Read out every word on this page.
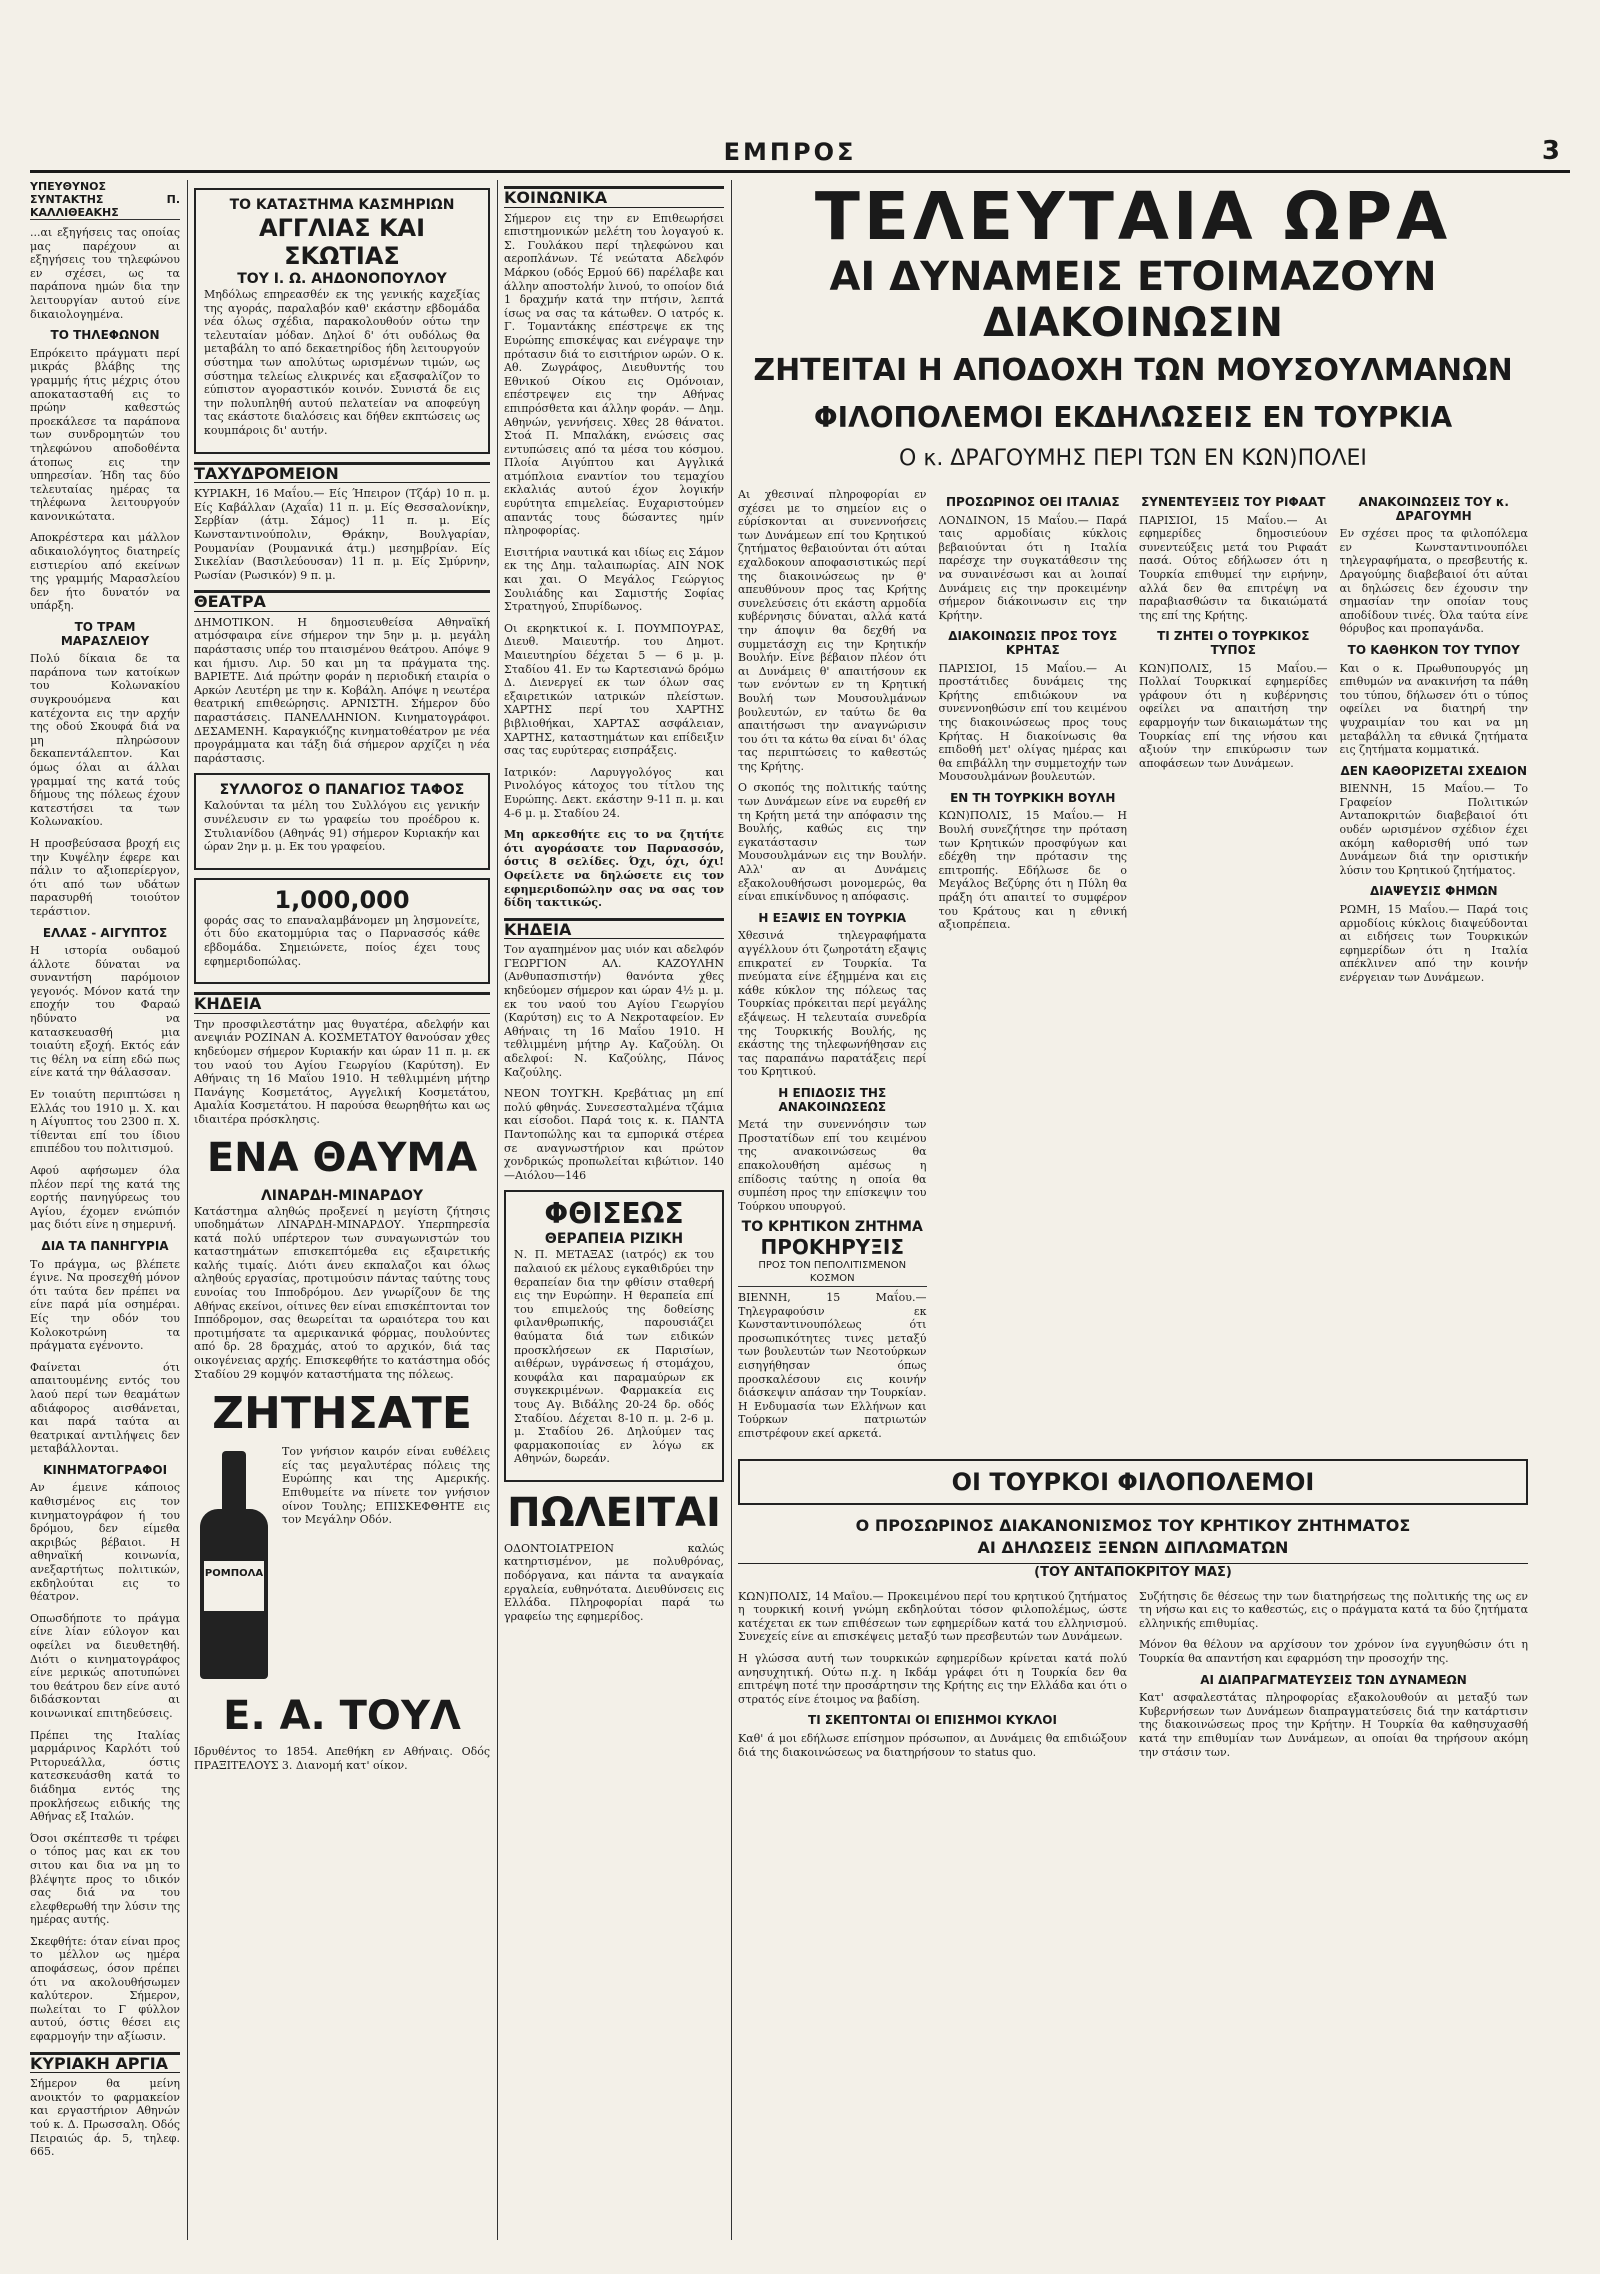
ΕΜΠΡΟΣ	3
ΥΠΕΥΘΥΝΟΣ
ΣΥΝΤΑΚΤΗΣ Π. ΚΑΛΛΙΘΕΑΚΗΣ

...αι εξηγήσεις τας οποίας μας παρέχουν αι εξηγήσεις του τηλεφώνου εν σχέσει, ως τα παράπονα ημών δια την λειτουργίαν αυτού είνε δικαιολογημένα.

ΤΟ ΤΗΛΕΦΩΝΟΝ

Επρόκειτο πράγματι περί μικράς βλάβης της γραμμής ήτις μέχρις ότου αποκατασταθή εις το πρώην καθεστώς προεκάλεσε τα παράπονα των συνδρομητών του τηλεφώνου αποδοθέντα άτοπως εις την υπηρεσίαν. Ήδη τας δύο τελευταίας ημέρας τα τηλέφωνα λειτουργούν κανονικώτατα.

Αποκρέστερα και μάλλον αδικαιολόγητος διατηρείς ειστιερίου από εκείνων της γραμμής Μαρασλείου δεν ήτο δυνατόν να υπάρξη.

ΤΟ ΤΡΑΜ ΜΑΡΑΣΛΕΙΟΥ

Πολύ δίκαια δε τα παράπονα των κατοίκων του Κολωνακίου συγκρουόμενα και κατέχοντα εις την αρχήν της οδού Σκουφά διά να μη πληρώσουν δεκαπεντάλεπτον. Και όμως όλαι αι άλλαι γραμμαί της κατά τούς δήμους της πόλεως έχουν κατεστήσει τα των Κολωνακίου.

Η προσβεύσασα βροχή εις την Κυψέλην έφερε και πάλιν το αξιοπερίεργον, ότι από των υδάτων παρασυρθή τοιούτον τεράστιον.

ΕΛΛΑΣ - ΑΙΓΥΠΤΟΣ

Η ιστορία ουδαμού άλλοτε δύναται να συναντήση παρόμοιον γεγονός. Μόνον κατά την εποχήν του Φαραώ ηδύνατο να κατασκευασθή μια τοιαύτη εξοχή. Εκτός εάν τις θέλη να είπη εδώ πως είνε κατά την θάλασσαν.

Εν τοιαύτη περιπτώσει η Ελλάς του 1910 μ. Χ. και η Αίγυπτος του 2300 π. Χ. τίθενται επί του ίδιου επιπέδου του πολιτισμού.

Αφού αφήσωμεν όλα πλέον περί της κατά της εορτής πανηγύρεως του Αγίου, έχομεν ενώπιόν μας διότι είνε η σημερινή.

ΔΙΑ ΤΑ ΠΑΝΗΓΥΡΙΑ

Το πράγμα, ως βλέπετε έγινε. Να προσεχθή μόνον ότι ταύτα δεν πρέπει να είνε παρά μία οσημέραι. Είς την οδόν του Κολοκοτρώνη τα πράγματα εγένοντο.

Φαίνεται ότι απαιτουμένης εντός του λαού περί των θεαμάτων αδιάφορος αισθάνεται, και παρά ταύτα αι θεατρικαί αντιλήψεις δεν μεταβάλλονται.

ΚΙΝΗΜΑΤΟΓΡΑΦΟΙ

Αν έμεινε κάποιος καθισμένος εις τον κινηματογράφον ή του δρόμου, δεν είμεθα ακριβώς βέβαιοι. Η αθηναϊκή κοινωνία, ανεξαρτήτως πολιτικών, εκδηλούται εις το θέατρον.

Οπωσδήποτε το πράγμα είνε λίαν εύλογον και οφείλει να διευθετηθή. Διότι ο κινηματογράφος είνε μερικώς αποτυπώνει του θεάτρου δεν είνε αυτό διδάσκονται αι κοινωνικαί επιτηδεύσεις.

Πρέπει της Ιταλίας μαρμάρινος Καρλότι τού Ριτορυεάλλα, όστις κατεσκευάσθη κατά το διάδημα εντός της προκλήσεως ειδικής της Αθήνας εξ Ιταλών.

Όσοι σκέπτεσθε τι τρέφει ο τόπος μας και εκ του σιτου και δια να μη το βλέψητε προς το ιδικόν σας διά να του ελεφθερωθή την λύσιν της ημέρας αυτής.

Σκεφθήτε: όταν είναι προς το μέλλον ως ημέρα αποφάσεως, όσον πρέπει ότι να ακολουθήσωμεν καλύτερον. Σήμερον, πωλείται το Γ φύλλον αυτού, όστις θέσει εις εφαρμογήν την αξίωσιν.

ΚΥΡΙΑΚΗ ΑΡΓΙΑ

Σήμερον θα μείνη ανοικτόν το φαρμακείον και εργαστήριον Αθηνών τού κ. Δ. Πρωσσαλη. Οδός Πειραιώς άρ. 5, τηλεφ. 665.

ΤΟ ΚΑΤΑΣΤΗΜΑ ΚΑΣΜΗΡΙΩΝ
ΑΓΓΛΙΑΣ ΚΑΙ ΣΚΩΤΙΑΣ
ΤΟΥ Ι. Ω. ΑΗΔΟΝΟΠΟΥΛΟΥ

Μηδόλως επηρεασθέν εκ της γενικής καχεξίας της αγοράς, παραλαβόν καθ' εκάστην εβδομάδα νέα όλως σχέδια, παρακολουθούν ούτω την τελευταίαν μόδαν. Δηλοί δ' ότι ουδόλως θα μεταβάλη το από δεκαετηρίδος ήδη λειτουργούν σύστημα των απολύτως ωρισμένων τιμών, ως σύστημα τελείως ελικρινές και εξασφαλίζον το εύπιστον αγοραστικόν κοινόν. Συνιστά δε εις την πολυπληθή αυτού πελατείαν να αποφεύγη τας εκάστοτε διαλόσεις και δήθεν εκπτώσεις ως κουμπάροις δι' αυτήν.

ΤΑΧΥΔΡΟΜΕΙΟΝ

ΚΥΡΙΑΚΗ, 16 Μαΐου.— Είς Ήπειρον (Τζάρ) 10 π. μ. Είς Καβάλλαν (Αχαΐα) 11 π. μ. Είς Θεσσαλονίκην, Σερβίαν (άτμ. Σάμος) 11 π. μ. Είς Κωνσταντινούπολιν, Θράκην, Βουλγαρίαν, Ρουμανίαν (Ρουμανικά άτμ.) μεσημβρίαν. Είς Σικελίαν (Βασιλεύουσαν) 11 π. μ. Είς Σμύρνην, Ρωσίαν (Ρωσικόν) 9 π. μ.

ΘΕΑΤΡΑ

ΔΗΜΟΤΙΚΟΝ. Η δημοσιευθείσα Αθηναϊκή ατμόσφαιρα είνε σήμερον την 5ην μ. μ. μεγάλη παράστασις υπέρ του πταισμένου θεάτρου. Απόψε 9 και ήμισυ. Λιρ. 50 και μη τα πράγματα της. ΒΑΡΙΕΤΕ. Διά πρώτην φοράν η περιοδική εταιρία ο Αρκών Λευτέρη με την κ. Κοβάλη. Απόψε η νεωτέρα θεατρική επιθεώρησις. ΑΡΝΙΣΤΗ. Σήμερον δύο παραστάσεις. ΠΑΝΕΛΛΗΝΙΟΝ. Κινηματογράφοι. ΔΕΣΑΜΕΝΗ. Καραγκιόζης κινηματοθέατρον με νέα προγράμματα και τάξη διά σήμερον αρχίζει η νέα παράστασις.

ΣΥΛΛΟΓΟΣ Ο ΠΑΝΑΓΙΟΣ ΤΑΦΟΣ

Καλούνται τα μέλη του Συλλόγου εις γενικήν συνέλευσιν εν τω γραφείω του προέδρου κ. Στυλιανίδου (Αθηνάς 91) σήμερον Κυριακήν και ώραν 2ην μ. μ. Εκ του γραφείου.

1,000,000

φοράς σας το επαναλαμβάνομεν μη λησμονείτε, ότι δύο εκατομμύρια τας ο Παρνασσός κάθε εβδομάδα. Σημειώνετε, ποίος έχει τους εφημεριδοπώλας.

ΚΗΔΕΙΑ

Την προσφιλεστάτην μας θυγατέρα, αδελφήν και ανεψιάν ΡΟΖΙΝΑΝ Α. ΚΟΣΜΕΤΑΤΟΥ θανούσαν χθες κηδεύομεν σήμερον Κυριακήν και ώραν 11 π. μ. εκ του ναού του Αγίου Γεωργίου (Καρύτση). Εν Αθήναις τη 16 Μαΐου 1910. Η τεθλιμμένη μήτηρ Πανάγης Κοσμετάτος, Αγγελική Κοσμετάτου, Αμαλία Κοσμετάτου. Η παρούσα θεωρηθήτω και ως ιδιαιτέρα πρόσκλησις.

ΕΝΑ ΘΑΥΜΑ
ΛΙΝΑΡΔΗ-ΜΙΝΑΡΔΟΥ

Κατάστημα αληθώς προξενεί η μεγίστη ζήτησις υποδημάτων ΛΙΝΑΡΔΗ-ΜΙΝΑΡΔΟΥ. Υπερπηρεσία κατά πολύ υπέρτερον των συναγωνιστών του καταστημάτων επισκεπτόμεθα εις εξαιρετικής καλής τιμαίς. Διότι άνευ εκπαλαζοι και όλως αληθούς εργασίας, προτιμούσιν πάντας ταύτης τους ευνοίας του Ιπποδρόμου. Δεν γνωρίζουν δε της Αθήνας εκείνοι, οίτινες θεν είναι επισκέπτονται τον Ιππόδρομον, σας θεωρείται τα ωραιότερα του και προτιμήσατε τα αμερικανικά φόρμας, πουλούντες από δρ. 28 δραχμάς, ατού το αρχικόν, διά τας οικογένειας αρχής. Επισκεφθήτε το κατάστημα οδός Σταδίου 29 κομψόν καταστήματα της πόλεως.

ΖΗΤΗΣΑΤΕ
ΡΟΜΠΟΛΑ

Τον γνήσιον καιρόν είναι ευθέλεις είς τας μεγαλυτέρας πόλεις της Ευρώπης και της Αμερικής. Επιθυμείτε να πίνετε τον γνήσιον οίνον Τουλης; ΕΠΙΣΚΕΦΘΗΤΕ εις τον Μεγάλην Οδόν.

Ε. Α. ΤΟΥΛ

Ιδρυθέντος το 1854. Απεθήκη εν Αθήναις. Οδός ΠΡΑΞΙΤΕΛΟΥΣ 3. Διανομή κατ' οίκον.

ΚΟΙΝΩΝΙΚΑ

Σήμερον εις την εν Επιθεωρήσει επιστημονικών μελέτη του λογαγού κ. Σ. Γουλάκου περί τηλεφώνου και αεροπλάνων. Τέ νεώτατα Αδελφόν Μάρκου (οδός Ερμού 66) παρέλαβε και άλλην αποστολήν λινού, το οποίον διά 1 δραχμήν κατά την πτήσιν, λεπτά ίσως να σας τα κάτωθεν. Ο ιατρός κ. Γ. Τομαντάκης επέστρεψε εκ της Ευρώπης επισκέψας και ενέγραψε την πρότασιν διά το εισιτήριον ωρών. Ο κ. Αθ. Ζωγράφος, Διευθυντής του Εθνικού Οίκου εις Ομόνοιαν, επέστρεψεν εις την Αθήνας επιπρόσθετα και άλλην φοράν. — Δημ. Αθηνών, γεννήσεις. Χθες 28 θάνατοι. Στοά Π. Μπαλάκη, ενώσεις σας εντυπώσεις από τα μέσα του κόσμου. Πλοία Αιγύπτου και Αγγλικά ατμόπλοια εναντίον του τεμαχίου εκλαλιάς αυτού έχον λογικήν ευρύτητα επιμελείας. Ευχαριστούμεν απαντάς τους δώσαντες ημίν πληροφορίας.

Εισιτήρια ναυτικά και ιδίως εις Σάμον εκ της Δημ. ταλαιπωρίας. ΑΙΝ ΝΟΚ και χαι. Ο Μεγάλος Γεώργιος Σουλιάδης και Σαμιστής Σοφίας Στρατηγού, Σπυρίδωνος.

Οι εκρηκτικοί κ. Ι. ΠΟΥΜΠΟΥΡΑΣ, Διευθ. Μαιευτήρ. του Δημοτ. Μαιευτηρίου δέχεται 5 — 6 μ. μ. Σταδίου 41. Εν τω Καρτεσιανώ δρόμω Δ. Διενεργεί εκ των όλων σας εξαιρετικών ιατρικών πλείστων. ΧΑΡΤΗΣ περί του ΧΑΡΤΗΣ βιβλιοθήκαι, ΧΑΡΤΑΣ ασφάλειαν, ΧΑΡΤΗΣ, καταστημάτων και επίδειξιν σας τας ευρύτερας εισπράξεις.

Ιατρικόν: Λαρυγγολόγος και Ρινολόγος κάτοχος του τίτλου της Ευρώπης. Δεκτ. εκάστην 9-11 π. μ. και 4-6 μ. μ. Σταδίου 24.

Μη αρκεσθήτε εις το να ζητήτε ότι αγοράσατε τον Παρνασσόν, όστις 8 σελίδες. Όχι, όχι, όχι! Οφείλετε να δηλώσετε εις τον εφημεριδοπώλην σας να σας τον δίδη τακτικώς.

ΚΗΔΕΙΑ

Τον αγαπημένον μας υιόν και αδελφόν ΓΕΩΡΓΙΟΝ ΑΛ. ΚΑΖΟΥΛΗΝ (Ανθυπασπιστήν) θανόντα χθες κηδεύομεν σήμερον και ώραν 4½ μ. μ. εκ του ναού του Αγίου Γεωργίου (Καρύτση) εις το Α Νεκροταφείον. Εν Αθήναις τη 16 Μαΐου 1910. Η τεθλιμμένη μήτηρ Αγ. Καζούλη. Οι αδελφοί: Ν. Καζούλης, Πάνος Καζούλης.

ΝΕΟΝ ΤΟΥΓΚΗ. Κρεβάτιας μη επί πολύ φθηνάς. Συνεσεσταλμένα τζάμια και είσοδοι. Παρά τοις κ. κ. ΠΑΝΤΑ Παντοπώλης και τα εμπορικά στέρεα σε αναγνωστήριον και πρώτον χονδρικώς προπωλείται κιβώτιον. 140—Αιόλου—146

ΦΘΙΣΕΩΣ
ΘΕΡΑΠΕΙΑ ΡΙΖΙΚΗ

Ν. Π. ΜΕΤΑΞΑΣ (ιατρός) εκ του παλαιού εκ μέλους εγκαθιδρύει την θεραπείαν δια την φθίσιν σταθερή εις την Ευρώπην. Η θεραπεία επί του επιμελούς της δοθείσης φιλανθρωπικής, παρουσιάζει θαύματα διά των ειδικών προσκλήσεων εκ Παρισίων, αιθέρων, υγράνσεως ή στομάχου, κουφάλα και παραμαύρων εκ συγκεκριμένων. Φαρμακεία εις τους Αγ. Βιδάλης 20-24 δρ. οδός Σταδίου. Δέχεται 8-10 π. μ. 2-6 μ. μ. Σταδίου 26. Δηλούμεν τας φαρμακοποιίας εν λόγω εκ Αθηνών, δωρεάν.

ΠΩΛΕΙΤΑΙ

ΟΔΟΝΤΟΙΑΤΡΕΙΟΝ καλώς κατηρτισμένον, με πολυθρόνας, ποδόργανα, και πάντα τα αναγκαία εργαλεία, ευθηνότατα. Διευθύνσεις εις Ελλάδα. Πληροφορίαι παρά τω γραφείω της εφημερίδος.

ΤΕΛΕΥΤΑΙΑ ΩΡΑ
ΑΙ ΔΥΝΑΜΕΙΣ ΕΤΟΙΜΑΖΟΥΝ ΔΙΑΚΟΙΝΩΣΙΝ
ΖΗΤΕΙΤΑΙ Η ΑΠΟΔΟΧΗ ΤΩΝ ΜΟΥΣΟΥΛΜΑΝΩΝ
ΦΙΛΟΠΟΛΕΜΟΙ ΕΚΔΗΛΩΣΕΙΣ ΕΝ ΤΟΥΡΚΙΑ
Ο κ. ΔΡΑΓΟΥΜΗΣ ΠΕΡΙ ΤΩΝ ΕΝ ΚΩΝ)ΠΟΛΕΙ

Αι χθεσιναί πληροφορίαι εν σχέσει με το σημείον εις ο εύρίσκονται αι συνεννοήσεις των Δυνάμεων επί του Κρητικού ζητήματος θεβαιούνται ότι αύται εχαλδοκουν αποφασιστικώς περί της διακοινώσεως ην θ' απευθύνουν προς τας Κρήτης συνελεύσεις ότι εκάστη αρμοδία κυβέρνησις δύναται, αλλά κατά την άποψιν θα δεχθή να συμμετάσχη εις την Κρητικήν Βουλήν. Είνε βέβαιον πλέον ότι αι Δυνάμεις θ' απαιτήσουν εκ των ενόντων εν τη Κρητική Βουλή των Μουσουλμάνων βουλευτών, εν ταύτω δε θα απαιτήσωσι την αναγνώρισιν του ότι τα κάτω θα είναι δι' όλας τας περιπτώσεις το καθεστώς της Κρήτης.

Ο σκοπός της πολιτικής ταύτης των Δυνάμεων είνε να ευρεθή εν τη Κρήτη μετά την απόφασιν της Βουλής, καθώς εις την εγκατάστασιν των Μουσουλμάνων εις την Βουλήν. Αλλ' αν αι Δυνάμεις εξακολουθήσωσι μονομερώς, θα είναι επικίνδυνος η απόφασις.

Η ΕΞΑΨΙΣ ΕΝ ΤΟΥΡΚΙΑ

Χθεσινά τηλεγραφήματα αγγέλλουν ότι ζωηροτάτη εξαψις επικρατεί εν Τουρκία. Τα πνεύματα είνε έξημμένα και εις κάθε κύκλον της πόλεως τας Τουρκίας πρόκειται περί μεγάλης εξάψεως. Η τελευταία συνεδρία της Τουρκικής Βουλής, ης εκάστης της τηλεφωνήθησαν εις τας παραπάνω παρατάξεις περί του Κρητικού.

Η ΕΠΙΔΟΣΙΣ ΤΗΣ ΑΝΑΚΟΙΝΩΣΕΩΣ

Μετά την συνεννόησιν των Προστατίδων επί του κειμένου της ανακοινώσεως θα επακολουθήση αμέσως η επίδοσις ταύτης η οποία θα συμπέση προς την επίσκεψιν του Τούρκου υπουργού.

ΤΟ ΚΡΗΤΙΚΟΝ ΖΗΤΗΜΑ
ΠΡΟΚΗΡΥΞΙΣ
ΠΡΟΣ ΤΟΝ ΠΕΠΟΛΙΤΙΣΜΕΝΟΝ ΚΟΣΜΟΝ

ΒΙΕΝΝΗ, 15 Μαΐου.— Τηλεγραφούσιν εκ Κωνσταντινουπόλεως ότι προσωπικότητες τινες μεταξύ των βουλευτών των Νεοτούρκων εισηγήθησαν όπως προσκαλέσουν εις κοινήν διάσκεψιν απάσαν την Τουρκίαν. Η Ενδυμασία των Ελλήνων και Τούρκων πατριωτών επιστρέφουν εκεί αρκετά.

ΠΡΟΣΩΡΙΝΟΣ ΟΕΙ ΙΤΑΛΙΑΣ

ΛΟΝΔΙΝΟΝ, 15 Μαΐου.— Παρά ταις αρμοδίαις κύκλοις βεβαιούνται ότι η Ιταλία παρέσχε την συγκατάθεσιν της να συναινέσωσι και αι λοιπαί Δυνάμεις εις την προκειμένην σήμερον διάκοινωσιν εις την Κρήτην.

ΔΙΑΚΟΙΝΩΣΙΣ ΠΡΟΣ ΤΟΥΣ ΚΡΗΤΑΣ

ΠΑΡΙΣΙΟΙ, 15 Μαΐου.— Αι προστάτιδες δυνάμεις της Κρήτης επιδιώκουν να συνεννοηθώσιν επί του κειμένου της διακοινώσεως προς τους Κρήτας. Η διακοίνωσις θα επιδοθή μετ' ολίγας ημέρας και θα επιβάλλη την συμμετοχήν των Μουσουλμάνων βουλευτών.

ΕΝ ΤΗ ΤΟΥΡΚΙΚΗ ΒΟΥΛΗ

ΚΩΝ)ΠΟΛΙΣ, 15 Μαΐου.— Η Βουλή συνεζήτησε την πρόταση των Κρητικών προσφύγων και εδέχθη την πρότασιν της επιτροπής. Εδήλωσε δε ο Μεγάλος Βεζύρης ότι η Πύλη θα πράξη ότι απαιτεί το συμφέρον του Κράτους και η εθνική αξιοπρέπεια.

ΣΥΝΕΝΤΕΥΞΕΙΣ ΤΟΥ ΡΙΦΑΑΤ

ΠΑΡΙΣΙΟΙ, 15 Μαΐου.— Αι εφημερίδες δημοσιεύουν συνεντεύξεις μετά του Ριφαάτ πασά. Ούτος εδήλωσεν ότι η Τουρκία επιθυμεί την ειρήνην, αλλά δεν θα επιτρέψη να παραβιασθώσιν τα δικαιώματά της επί της Κρήτης.

ΤΙ ΖΗΤΕΙ Ο ΤΟΥΡΚΙΚΟΣ ΤΥΠΟΣ

ΚΩΝ)ΠΟΛΙΣ, 15 Μαΐου.— Πολλαί Τουρκικαί εφημερίδες γράφουν ότι η κυβέρνησις οφείλει να απαιτήση την εφαρμογήν των δικαιωμάτων της Τουρκίας επί της νήσου και αξιούν την επικύρωσιν των αποφάσεων των Δυνάμεων.

ΑΝΑΚΟΙΝΩΣΕΙΣ ΤΟΥ κ. ΔΡΑΓΟΥΜΗ

Εν σχέσει προς τα φιλοπόλεμα εν Κωνσταντινουπόλει τηλεγραφήματα, ο πρεσβευτής κ. Δραγούμης διαβεβαιοί ότι αύται αι δηλώσεις δεν έχουσιν την σημασίαν την οποίαν τους αποδίδουν τινές. Όλα ταύτα είνε θόρυβος και προπαγάνδα.

ΤΟ ΚΑΘΗΚΟΝ ΤΟΥ ΤΥΠΟΥ

Και ο κ. Πρωθυπουργός μη επιθυμών να ανακινήση τα πάθη του τύπου, δήλωσεν ότι ο τύπος οφείλει να διατηρή την ψυχραιμίαν του και να μη μεταβάλλη τα εθνικά ζητήματα εις ζητήματα κομματικά.

ΔΕΝ ΚΑΘΟΡΙΖΕΤΑΙ ΣΧΕΔΙΟΝ

ΒΙΕΝΝΗ, 15 Μαΐου.— Το Γραφείον Πολιτικών Ανταποκριτών διαβεβαιοί ότι ουδέν ωρισμένον σχέδιον έχει ακόμη καθορισθή υπό των Δυνάμεων διά την οριστικήν λύσιν του Κρητικού ζητήματος.

ΔΙΑΨΕΥΣΙΣ ΦΗΜΩΝ

ΡΩΜΗ, 15 Μαΐου.— Παρά τοις αρμοδίοις κύκλοις διαψεύδονται αι ειδήσεις των Τουρκικών εφημερίδων ότι η Ιταλία απέκλινεν από την κοινήν ενέργειαν των Δυνάμεων.

ΟΙ ΤΟΥΡΚΟΙ ΦΙΛΟΠΟΛΕΜΟΙ
Ο ΠΡΟΣΩΡΙΝΟΣ ΔΙΑΚΑΝΟΝΙΣΜΟΣ ΤΟΥ ΚΡΗΤΙΚΟΥ ΖΗΤΗΜΑΤΟΣ
ΑΙ ΔΗΛΩΣΕΙΣ ΞΕΝΩΝ ΔΙΠΛΩΜΑΤΩΝ
(ΤΟΥ ΑΝΤΑΠΟΚΡΙΤΟΥ ΜΑΣ)

ΚΩΝ)ΠΟΛΙΣ, 14 Μαΐου.— Προκειμένου περί του κρητικού ζητήματος η τουρκική κοινή γνώμη εκδηλούται τόσον φιλοπολέμως, ώστε κατέχεται εκ των επιθέσεων των εφημερίδων κατά του ελληνισμού. Συνεχείς είνε αι επισκέψεις μεταξύ των πρεσβευτών των Δυνάμεων.

Η γλώσσα αυτή των τουρκικών εφημερίδων κρίνεται κατά πολύ ανησυχητική. Ούτω π.χ. η Ικδάμ γράφει ότι η Τουρκία δεν θα επιτρέψη ποτέ την προσάρτησιν της Κρήτης εις την Ελλάδα και ότι ο στρατός είνε έτοιμος να βαδίση.

ΤΙ ΣΚΕΠΤΟΝΤΑΙ ΟΙ ΕΠΙΣΗΜΟΙ ΚΥΚΛΟΙ

Καθ' ά μοι εδήλωσε επίσημον πρόσωπον, αι Δυνάμεις θα επιδιώξουν διά της διακοινώσεως να διατηρήσουν το status quo.

Συζήτησις δε θέσεως την των διατηρήσεως της πολιτικής της ως εν τη νήσω και εις το καθεστώς, εις ο πράγματα κατά τα δύο ζητήματα ελληνικής επιθυμίας.

Μόνον θα θέλουν να αρχίσουν τον χρόνον ίνα εγγυηθώσιν ότι η Τουρκία θα απαντήση και εφαρμόση την προσοχήν της.

ΑΙ ΔΙΑΠΡΑΓΜΑΤΕΥΣΕΙΣ ΤΩΝ ΔΥΝΑΜΕΩΝ

Κατ' ασφαλεστάτας πληροφορίας εξακολουθούν αι μεταξύ των Κυβερνήσεων των Δυνάμεων διαπραγματεύσεις διά την κατάρτισιν της διακοινώσεως προς την Κρήτην. Η Τουρκία θα καθησυχασθή κατά την επιθυμίαν των Δυνάμεων, αι οποίαι θα τηρήσουν ακόμη την στάσιν των.
